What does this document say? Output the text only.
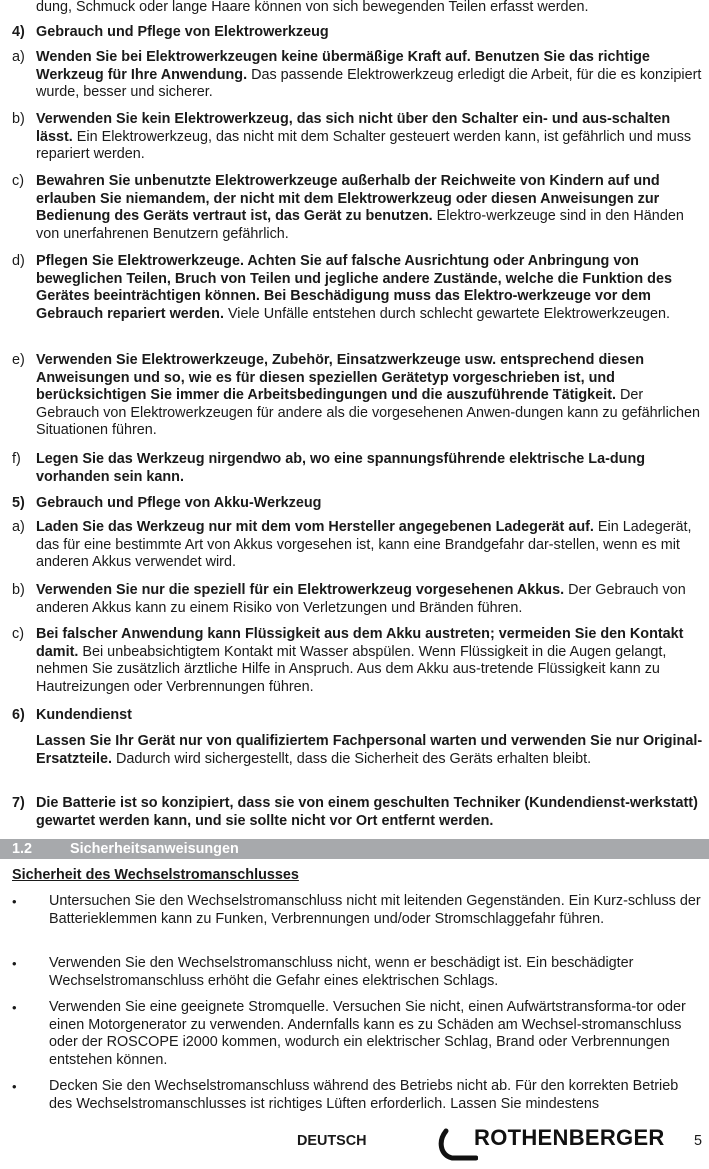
dung, Schmuck oder lange Haare können von sich bewegenden Teilen erfasst werden.
4) Gebrauch und Pflege von Elektrowerkzeug
a) Wenden Sie bei Elektrowerkzeugen keine übermäßige Kraft auf. Benutzen Sie das richtige Werkzeug für Ihre Anwendung. Das passende Elektrowerkzeug erledigt die Arbeit, für die es konzipiert wurde, besser und sicherer.
b) Verwenden Sie kein Elektrowerkzeug, das sich nicht über den Schalter ein- und aus-schalten lässt. Ein Elektrowerkzeug, das nicht mit dem Schalter gesteuert werden kann, ist gefährlich und muss repariert werden.
c) Bewahren Sie unbenutzte Elektrowerkzeuge außerhalb der Reichweite von Kindern auf und erlauben Sie niemandem, der nicht mit dem Elektrowerkzeug oder diesen Anweisungen zur Bedienung des Geräts vertraut ist, das Gerät zu benutzen. Elektro-werkzeuge sind in den Händen von unerfahrenen Benutzern gefährlich.
d) Pflegen Sie Elektrowerkzeuge. Achten Sie auf falsche Ausrichtung oder Anbringung von beweglichen Teilen, Bruch von Teilen und jegliche andere Zustände, welche die Funktion des Gerätes beeinträchtigen können. Bei Beschädigung muss das Elektro-werkzeuge vor dem Gebrauch repariert werden. Viele Unfälle entstehen durch schlecht gewartete Elektrowerkzeugen.
e) Verwenden Sie Elektrowerkzeuge, Zubehör, Einsatzwerkzeuge usw. entsprechend diesen Anweisungen und so, wie es für diesen speziellen Gerätetyp vorgeschrieben ist, und berücksichtigen Sie immer die Arbeitsbedingungen und die auszuführende Tätigkeit. Der Gebrauch von Elektrowerkzeugen für andere als die vorgesehenen Anwen-dungen kann zu gefährlichen Situationen führen.
f)	Legen Sie das Werkzeug nirgendwo ab, wo eine spannungsführende elektrische La-dung vorhanden sein kann.
5) Gebrauch und Pflege von Akku-Werkzeug
a) Laden Sie das Werkzeug nur mit dem vom Hersteller angegebenen Ladegerät auf. Ein Ladegerät, das für eine bestimmte Art von Akkus vorgesehen ist, kann eine Brandgefahr dar-stellen, wenn es mit anderen Akkus verwendet wird.
b) Verwenden Sie nur die speziell für ein Elektrowerkzeug vorgesehenen Akkus. Der Gebrauch von anderen Akkus kann zu einem Risiko von Verletzungen und Bränden führen.
c) Bei falscher Anwendung kann Flüssigkeit aus dem Akku austreten; vermeiden Sie den Kontakt damit. Bei unbeabsichtigtem Kontakt mit Wasser abspülen. Wenn Flüssigkeit in die Augen gelangt, nehmen Sie zusätzlich ärztliche Hilfe in Anspruch. Aus dem Akku aus-tretende Flüssigkeit kann zu Hautreizungen oder Verbrennungen führen.
6) Kundendienst
Lassen Sie Ihr Gerät nur von qualifiziertem Fachpersonal warten und verwenden Sie nur Original-Ersatzteile. Dadurch wird sichergestellt, dass die Sicherheit des Geräts erhalten bleibt.
7) Die Batterie ist so konzipiert, dass sie von einem geschulten Techniker (Kundendienst-werkstatt) gewartet werden kann, und sie sollte nicht vor Ort entfernt werden.
1.2	Sicherheitsanweisungen
Sicherheit des Wechselstromanschlusses
•	Untersuchen Sie den Wechselstromanschluss nicht mit leitenden Gegenständen. Ein Kurz-schluss der Batterieklemmen kann zu Funken, Verbrennungen und/oder Stromschlaggefahr führen.
•	Verwenden Sie den Wechselstromanschluss nicht, wenn er beschädigt ist. Ein beschädigter Wechselstromanschluss erhöht die Gefahr eines elektrischen Schlags.
•	Verwenden Sie eine geeignete Stromquelle. Versuchen Sie nicht, einen Aufwärtstransforma-tor oder einen Motorgenerator zu verwenden. Andernfalls kann es zu Schäden am Wechsel-stromanschluss oder der ROSCOPE i2000 kommen, wodurch ein elektrischer Schlag, Brand oder Verbrennungen entstehen können.
•	Decken Sie den Wechselstromanschluss während des Betriebs nicht ab. Für den korrekten Betrieb des Wechselstromanschlusses ist richtiges Lüften erforderlich. Lassen Sie mindestens
DEUTSCH	ROTHENBERGER 5
